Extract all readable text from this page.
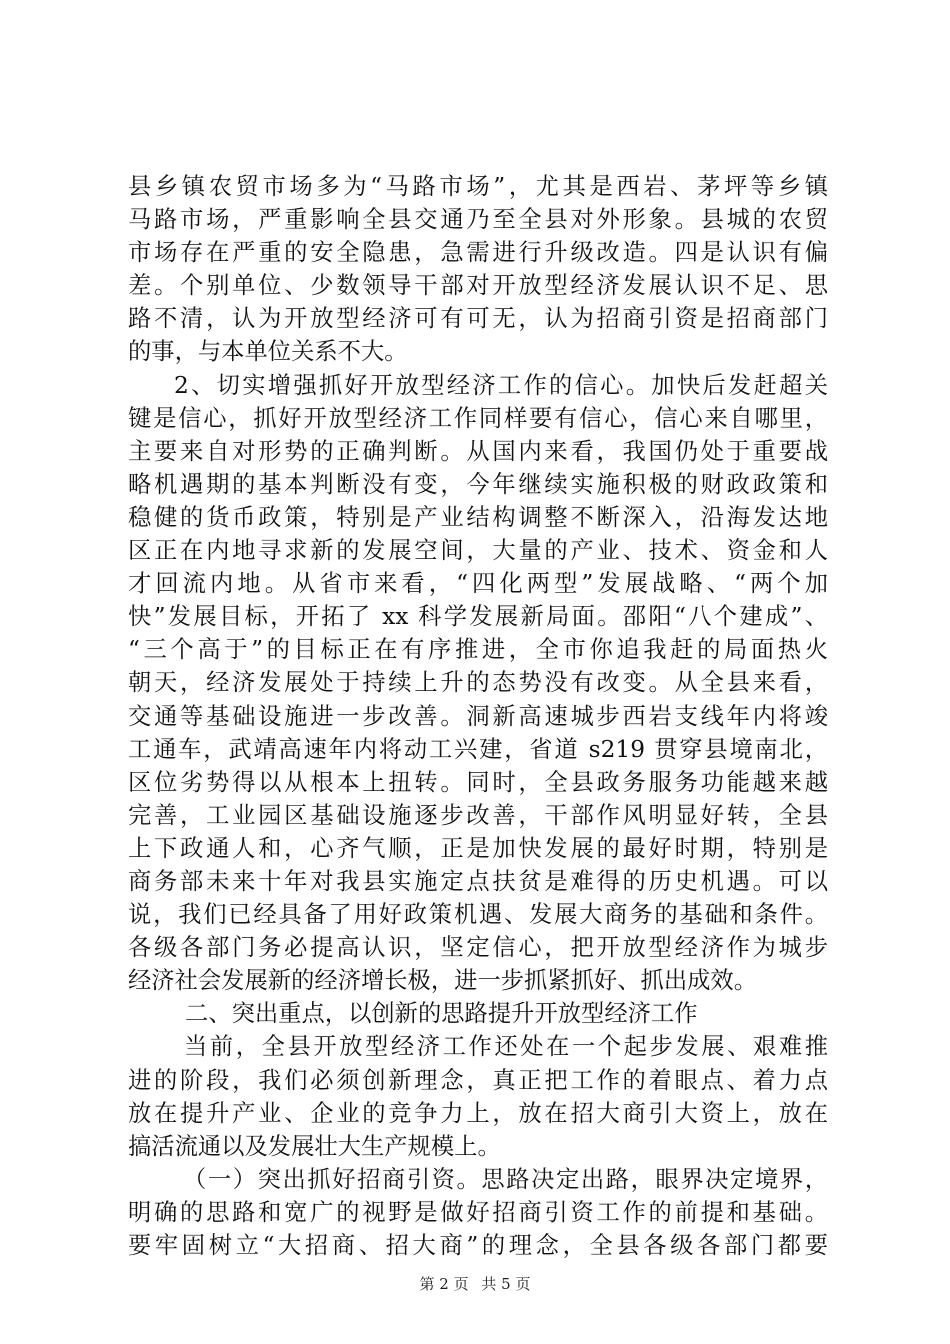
县乡镇农贸市场多为“马路市场”，尤其是西岩、茅坪等乡镇
马路市场，严重影响全县交通乃至全县对外形象。县城的农贸
市场存在严重的安全隐患，急需进行升级改造。四是认识有偏
差。个别单位、少数领导干部对开放型经济发展认识不足、思
路不清，认为开放型经济可有可无，认为招商引资是招商部门
的事，与本单位关系不大。
2、切实增强抓好开放型经济工作的信心。加快后发赶超关
键是信心，抓好开放型经济工作同样要有信心，信心来自哪里，
主要来自对形势的正确判断。从国内来看，我国仍处于重要战
略机遇期的基本判断没有变，今年继续实施积极的财政政策和
稳健的货币政策，特别是产业结构调整不断深入，沿海发达地
区正在内地寻求新的发展空间，大量的产业、技术、资金和人
才回流内地。从省市来看，“四化两型”发展战略、“两个加
快”发展目标，开拓了 xx 科学发展新局面。邵阳“八个建成”、
“三个高于”的目标正在有序推进，全市你追我赶的局面热火
朝天，经济发展处于持续上升的态势没有改变。从全县来看，
交通等基础设施进一步改善。洞新高速城步西岩支线年内将竣
工通车，武靖高速年内将动工兴建，省道 s219 贯穿县境南北，
区位劣势得以从根本上扭转。同时，全县政务服务功能越来越
完善，工业园区基础设施逐步改善，干部作风明显好转，全县
上下政通人和，心齐气顺，正是加快发展的最好时期，特别是
商务部未来十年对我县实施定点扶贫是难得的历史机遇。可以
说，我们已经具备了用好政策机遇、发展大商务的基础和条件。
各级各部门务必提高认识，坚定信心，把开放型经济作为城步
经济社会发展新的经济增长极，进一步抓紧抓好、抓出成效。
二、突出重点，以创新的思路提升开放型经济工作
当前，全县开放型经济工作还处在一个起步发展、艰难推
进的阶段，我们必须创新理念，真正把工作的着眼点、着力点
放在提升产业、企业的竞争力上，放在招大商引大资上，放在
搞活流通以及发展壮大生产规模上。
（一）突出抓好招商引资。思路决定出路，眼界决定境界，
明确的思路和宽广的视野是做好招商引资工作的前提和基础。
要牢固树立“大招商、招大商”的理念，全县各级各部门都要
第 2 页 共 5 页
